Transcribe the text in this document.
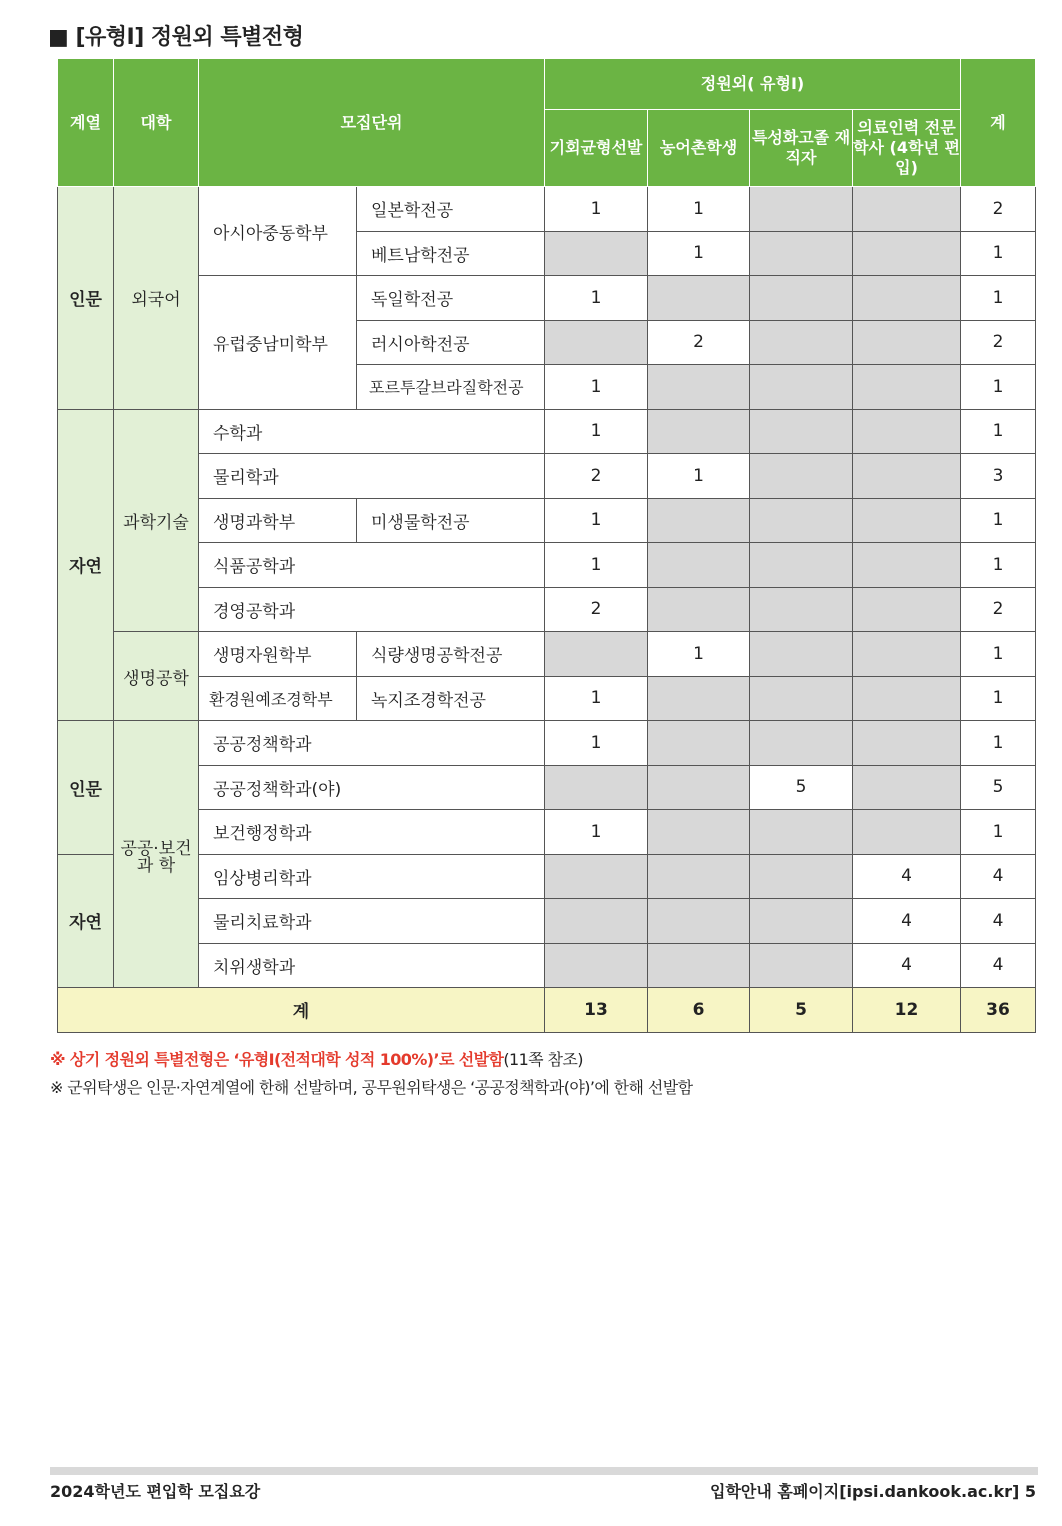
■ [유형Ⅰ] 정원외 특별전형
계열	대학	모집단위		정원외( 유형Ⅰ)				계
				기회균형선발	농어촌학생	특성화고졸 재직자	의료인력 전문학사 (4학년 편입)	
인문	외국어	아시아중동학부	일본학전공	1	1			2
			베트남학전공		1			1
		유럽중남미학부	독일학전공	1				1
			러시아학전공		2			2
			포르투갈브라질학전공	1				1
자연	과학기술	수학과		1				1
		물리학과		2	1			3
		생명과학부	미생물학전공	1				1
		식품공학과		1				1
		경영공학과		2				2
	생명공학	생명자원학부	식량생명공학전공		1			1
		환경원예조경학부	녹지조경학전공	1				1
인문	공공·보건 과 학	공공정책학과		1				1
		공공정책학과(야)				5		5
		보건행정학과		1				1
자연		임상병리학과					4	4
		물리치료학과					4	4
		치위생학과					4	4
계				13	6	5	12	36
※ 상기 정원외 특별전형은 ‘유형Ⅰ(전적대학 성적 100%)’로 선발함(11쪽 참조)
※ 군위탁생은 인문·자연계열에 한해 선발하며, 공무원위탁생은 ‘공공정책학과(야)’에 한해 선발함
2024학년도 편입학 모집요강	입학안내 홈페이지[ipsi.dankook.ac.kr] 5
